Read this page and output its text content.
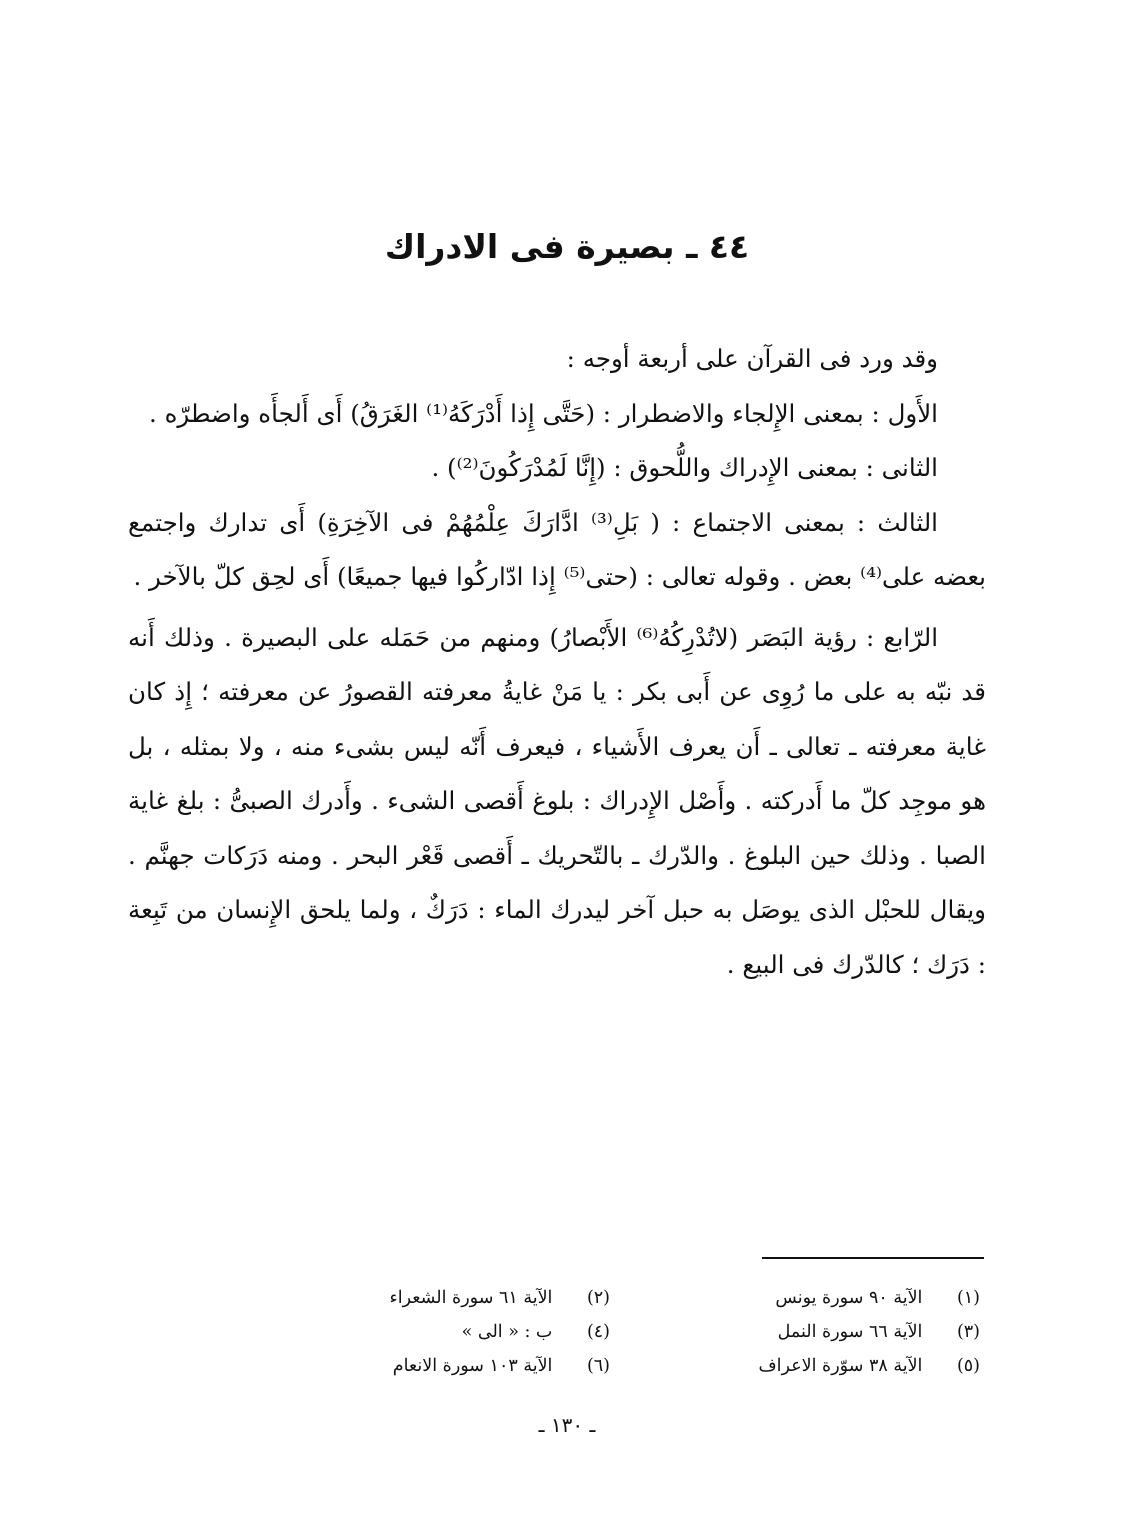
٤٤ ـ بصيرة فى الادراك

وقد ورد فى القرآن على أربعة أوجه :

الأَول : بمعنى الإِلجاء والاضطرار : (حَتَّى إِذا أَدْرَكَهُ⁽¹⁾ الغَرَقُ) أَى أَلجأَه واضطرّه .

الثانى : بمعنى الإِدراك واللُّحوق : (إِنَّا لَمُدْرَكُونَ⁽²⁾) .

الثالث : بمعنى الاجتماع : ( بَلِ⁽³⁾ ادَّارَكَ عِلْمُهُمْ فى الآخِرَةِ) أَى تدارك واجتمع بعضه على⁽⁴⁾ بعض . وقوله تعالى : (حتى⁽⁵⁾ إِذا ادّاركُوا فيها جميعًا) أَى لحِق كلّ بالآخر .

الرّابع : رؤية البَصَر (لاتُدْرِكُهُ⁽⁶⁾ الأَبْصارُ) ومنهم من حَمَله على البصيرة . وذلك أَنه قد نبّه به على ما رُوِى عن أَبى بكر : يا مَنْ غايةُ معرفته القصورُ عن معرفته ؛ إِذ كان غاية معرفته ـ تعالى ـ أَن يعرف الأَشياء ، فيعرف أَنّه ليس بشىء منه ، ولا بمثله ، بل هو موجِد كلّ ما أَدركته . وأَصْل الإِدراك : بلوغ أَقصى الشىء . وأَدرك الصبىُّ : بلغ غاية الصبا . وذلك حين البلوغ . والدّرك ـ بالتّحريك ـ أَقصى قَعْر البحر . ومنه دَرَكات جهنَّم . ويقال للحبْل الذى يوصَل به حبل آخر ليدرك الماء : دَرَكٌ ، ولما يلحق الإِنسان من تَبِعة : دَرَك ؛ كالدّرك فى البيع .

(١) الآية ٩٠ سورة يونس
(٢) الآية ٦١ سورة الشعراء
(٣) الآية ٦٦ سورة النمل
(٤) ب : « الى »
(٥) الآية ٣٨ سوّرة الاعراف
(٦) الآية ١٠٣ سورة الانعام
ـ ١٣٠ ـ
